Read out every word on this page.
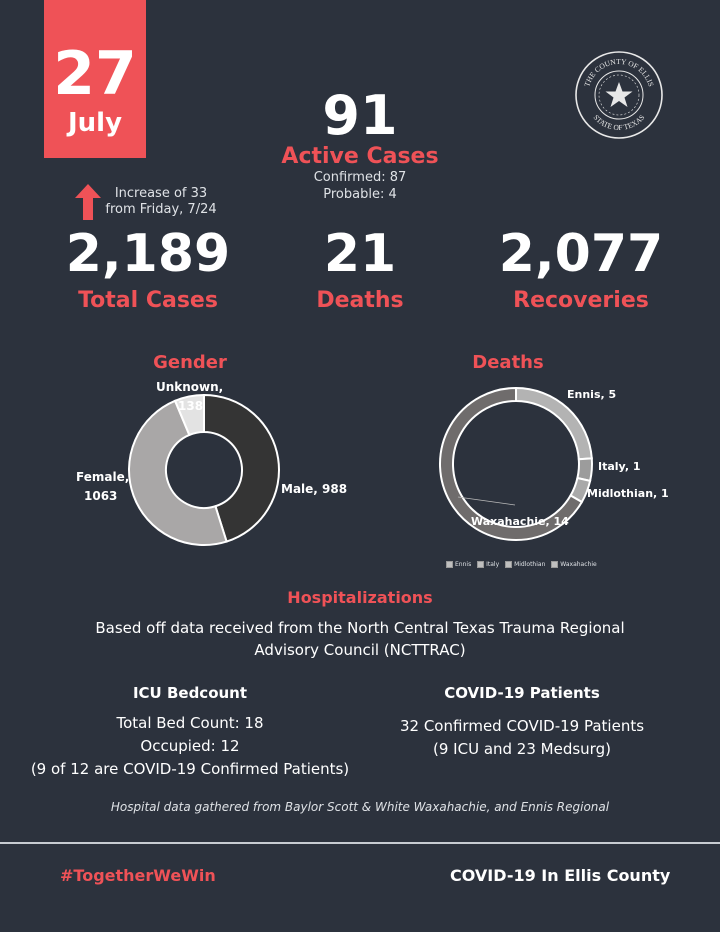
27
July
THE COUNTY OF ELLIS
STATE OF TEXAS
91
Active Cases
Confirmed: 87
Probable: 4
Increase of 33
from Friday, 7/24
2,189
Total Cases
21
Deaths
2,077
Recoveries
Gender	Deaths
Unknown,
138
Female,
1063	Male, 988
Ennis, 5
Italy, 1
Midlothian, 1
Waxahachie, 14
Ennis Italy Midlothian Waxahachie
Hospitalizations
Based off data received from the North Central Texas Trauma Regional
Advisory Council (NCTTRAC)
ICU Bedcount
Total Bed Count: 18
Occupied: 12
(9 of 12 are COVID-19 Confirmed Patients)
COVID-19 Patients
32 Confirmed COVID-19 Patients
(9 ICU and 23 Medsurg)
Hospital data gathered from Baylor Scott & White Waxahachie, and Ennis Regional
#TogetherWeWin	COVID-19 In Ellis County
